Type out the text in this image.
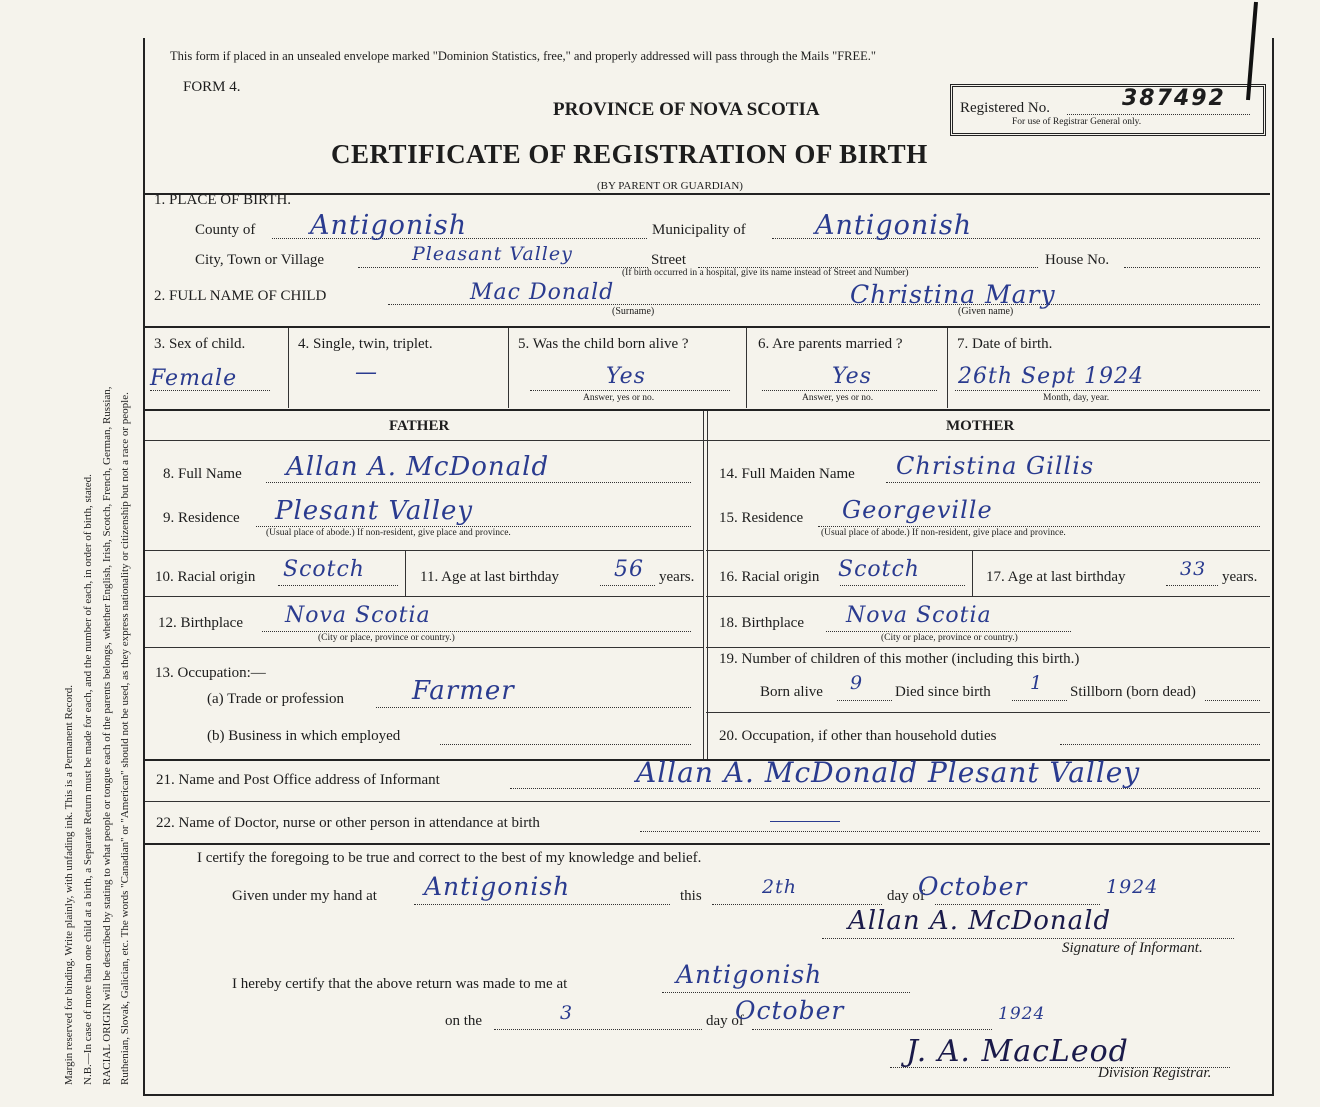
Margin reserved for binding. Write plainly, with unfading ink. This is a Permanent Record. N.B.—In case of more than one child at a birth, a Separate Return must be made for each, and the number of each, in order of birth, stated. RACIAL ORIGIN will be described by stating to what people or tongue each of the parents belongs, whether English, Irish, Scotch, French, German, Russian, Ruthenian, Slovak, Galician, etc. The words "Canadian" or "American" should not be used, as they express nationality or citizenship but not a race or people.
This form if placed in an unsealed envelope marked "Dominion Statistics, free," and properly addressed will pass through the Mails "FREE."
FORM 4.
PROVINCE OF NOVA SCOTIA
CERTIFICATE OF REGISTRATION OF BIRTH
(BY PARENT OR GUARDIAN)
Registered No.	387492
For use of Registrar General only.
1. PLACE OF BIRTH.
County of Antigonish	Municipality of	Antigonish
City, Town or Village	Pleasant Valley	Street	House No.
(If birth occurred in a hospital, give its name instead of Street and Number)
2. FULL NAME OF CHILD	Mac Donald
(Surname)
Christina Mary
(Given name)
3. Sex of child.
Female
4. Single, twin, triplet.
—
5. Was the child born alive ?
Yes
Answer, yes or no.
6. Are parents married ?
Yes
Answer, yes or no.
7. Date of birth.
26th Sept 1924
Month, day, year.
FATHER	MOTHER
8. Full Name Allan A. McDonald
9. Residence Plesant Valley
(Usual place of abode.) If non-resident, give place and province.
10. Racial origin Scotch	11. Age at last birthday	56 years.
12. Birthplace Nova Scotia
(City or place, province or country.)
13. Occupation:—
(a) Trade or profession	Farmer
(b) Business in which employed
14. Full Maiden Name Christina Gillis
15. Residence Georgeville
(Usual place of abode.) If non-resident, give place and province.
16. Racial origin Scotch	17. Age at last birthday	33 years.
18. Birthplace Nova Scotia
(City or place, province or country.)
19. Number of children of this mother (including this birth.)
Born alive 9 Died since birth 1 Stillborn (born dead)
20. Occupation, if other than household duties
21. Name and Post Office address of Informant	Allan A. McDonald Plesant Valley
22. Name of Doctor, nurse or other person in attendance at birth
I certify the foregoing to be true and correct to the best of my knowledge and belief.
Given under my hand at Antigonish	this	2th	day of
October	1924
Allan A. McDonald
Signature of Informant.
I hereby certify that the above return was made to me at	Antigonish
on the	3	day of
October	1924
J. A. MacLeod
Division Registrar.
